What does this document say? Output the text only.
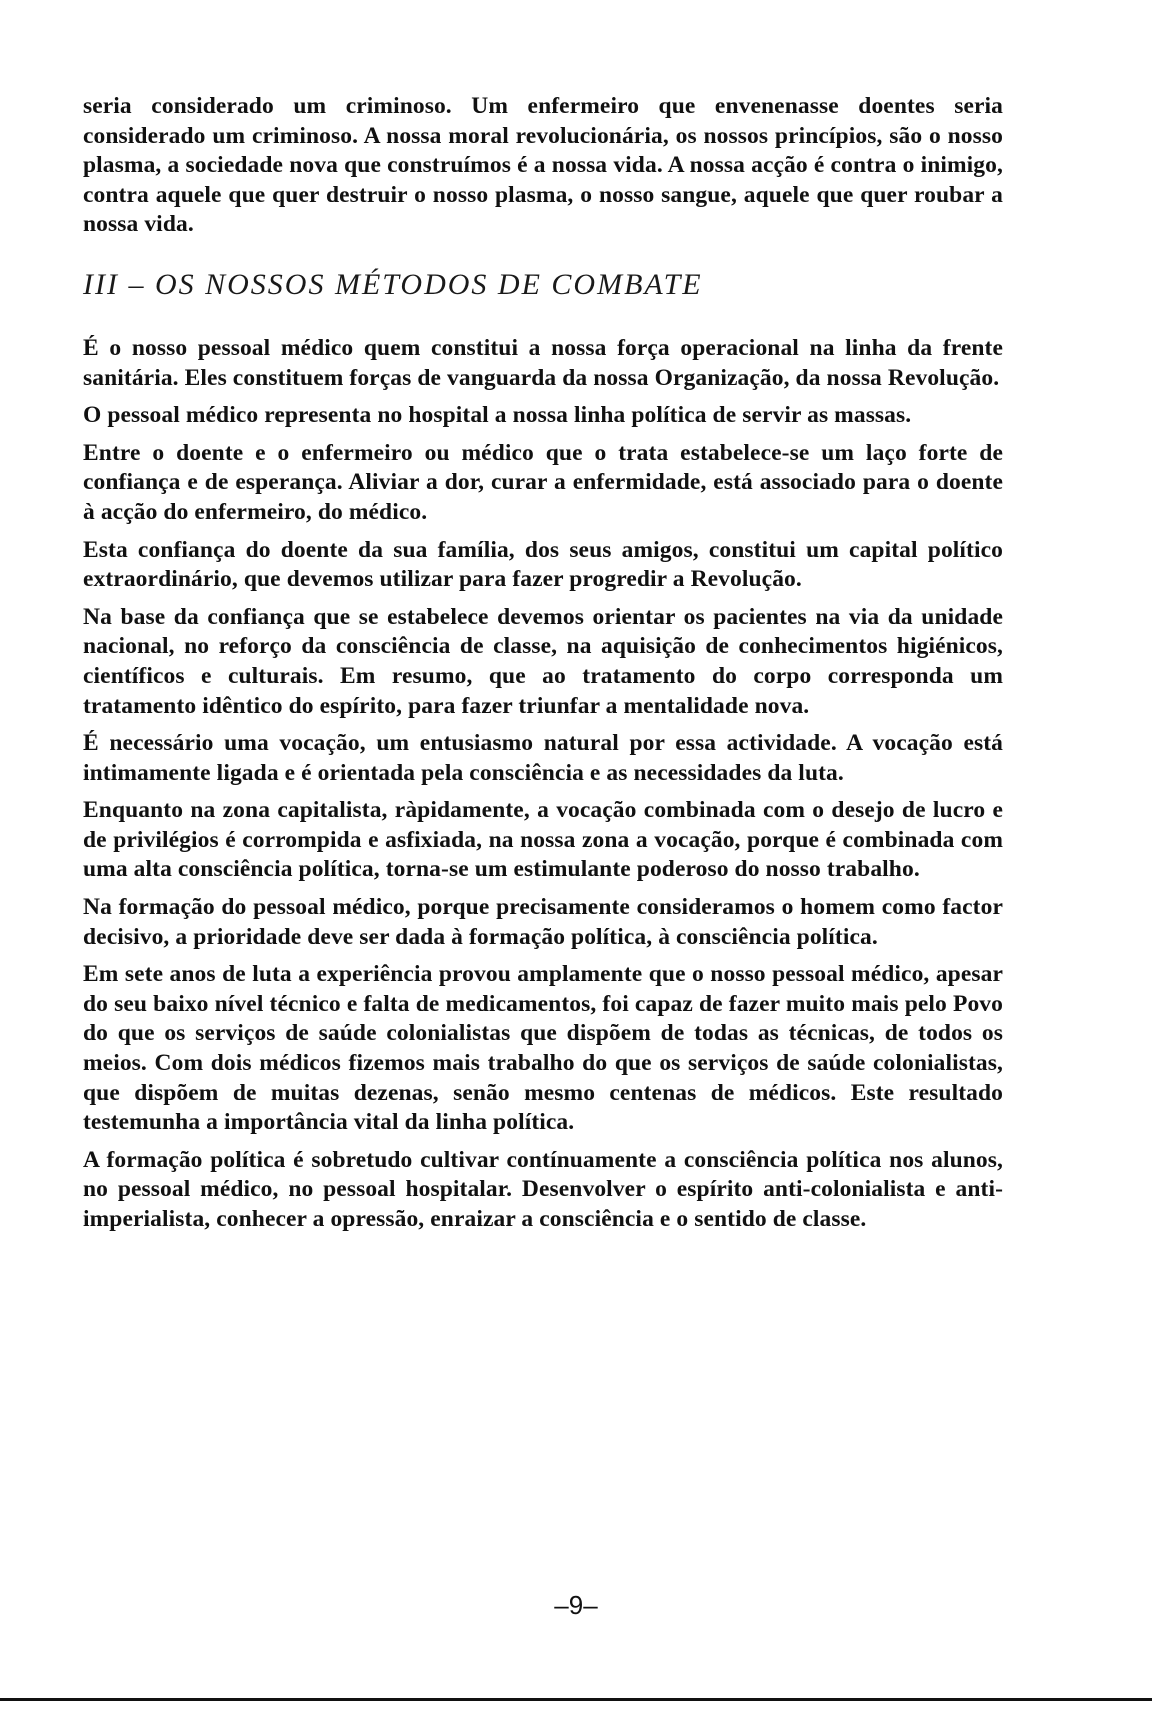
seria considerado um criminoso. Um enfermeiro que envenenasse doentes seria considerado um criminoso. A nossa moral revolucionária, os nossos princípios, são o nosso plasma, a sociedade nova que construímos é a nossa vida. A nossa acção é contra o inimigo, contra aquele que quer destruir o nosso plasma, o nosso sangue, aquele que quer roubar a nossa vida.

III – OS NOSSOS MÉTODOS DE COMBATE

É o nosso pessoal médico quem constitui a nossa força operacional na linha da frente sanitária. Eles constituem forças de vanguarda da nossa Organização, da nossa Revolução.

O pessoal médico representa no hospital a nossa linha política de servir as massas.

Entre o doente e o enfermeiro ou médico que o trata estabelece-se um laço forte de confiança e de esperança. Aliviar a dor, curar a enfermidade, está associado para o doente à acção do enfermeiro, do médico.

Esta confiança do doente da sua família, dos seus amigos, constitui um capital político extraordinário, que devemos utilizar para fazer progredir a Revolução.

Na base da confiança que se estabelece devemos orientar os pacientes na via da unidade nacional, no reforço da consciência de classe, na aquisição de conhecimentos higiénicos, científicos e culturais. Em resumo, que ao tratamento do corpo corresponda um tratamento idêntico do espírito, para fazer triunfar a mentalidade nova.

É necessário uma vocação, um entusiasmo natural por essa actividade. A vocação está intimamente ligada e é orientada pela consciência e as necessidades da luta.

Enquanto na zona capitalista, ràpidamente, a vocação combinada com o desejo de lucro e de privilégios é corrompida e asfixiada, na nossa zona a vocação, porque é combinada com uma alta consciência política, torna-se um estimulante poderoso do nosso trabalho.

Na formação do pessoal médico, porque precisamente consideramos o homem como factor decisivo, a prioridade deve ser dada à formação política, à consciência política.

Em sete anos de luta a experiência provou amplamente que o nosso pessoal médico, apesar do seu baixo nível técnico e falta de medicamentos, foi capaz de fazer muito mais pelo Povo do que os serviços de saúde colonialistas que dispõem de todas as técnicas, de todos os meios. Com dois médicos fizemos mais trabalho do que os serviços de saúde colonialistas, que dispõem de muitas dezenas, senão mesmo centenas de médicos. Este resultado testemunha a importância vital da linha política.

A formação política é sobretudo cultivar contínuamente a consciência política nos alunos, no pessoal médico, no pessoal hospitalar. Desenvolver o espírito anti-colonialista e anti-imperialista, conhecer a opressão, enraizar a consciência e o sentido de classe.

–9–
